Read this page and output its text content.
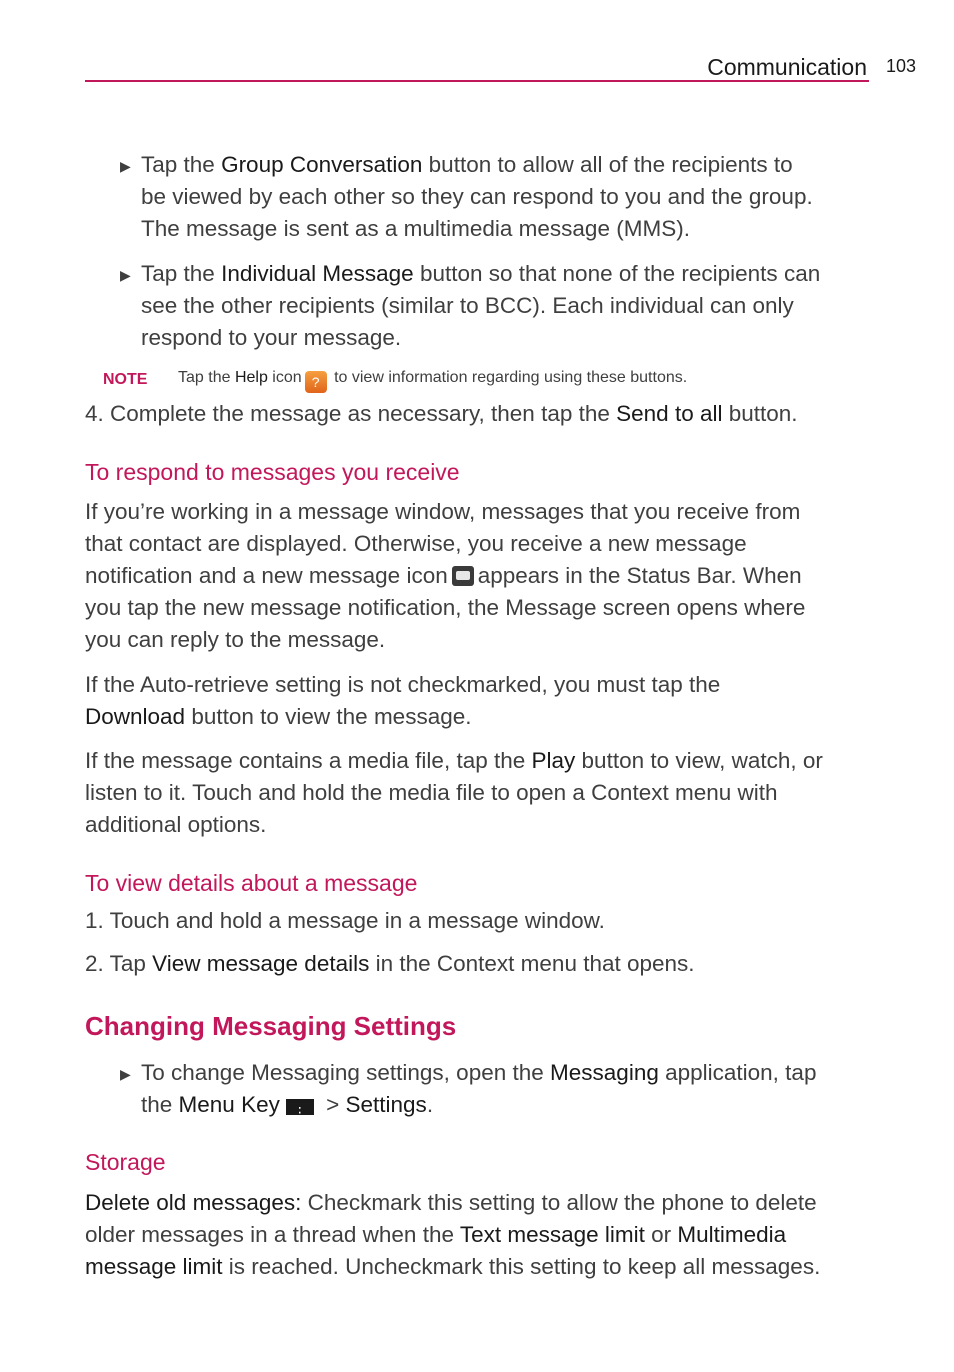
Communication 103
▶ Tap the Group Conversation button to allow all of the recipients to
be viewed by each other so they can respond to you and the group.
The message is sent as a multimedia message (MMS).
▶ Tap the Individual Message button so that none of the recipients can
see the other recipients (similar to BCC). Each individual can only
respond to your message.
NOTE Tap the Help icon ? to view information regarding using these buttons.
4. Complete the message as necessary, then tap the Send to all button.
To respond to messages you receive
If you’re working in a message window, messages that you receive from
that contact are displayed. Otherwise, you receive a new message
notification and a new message icon appears in the Status Bar. When
you tap the new message notification, the Message screen opens where
you can reply to the message.
If the Auto-retrieve setting is not checkmarked, you must tap the
Download button to view the message.
If the message contains a media file, tap the Play button to view, watch, or
listen to it. Touch and hold the media file to open a Context menu with
additional options.
To view details about a message
1. Touch and hold a message in a message window.
2. Tap View message details in the Context menu that opens.
Changing Messaging Settings
▶ To change Messaging settings, open the Messaging application, tap
the Menu Key⋮ > Settings.
Storage
Delete old messages: Checkmark this setting to allow the phone to delete
older messages in a thread when the Text message limit or Multimedia
message limit is reached. Uncheckmark this setting to keep all messages.
